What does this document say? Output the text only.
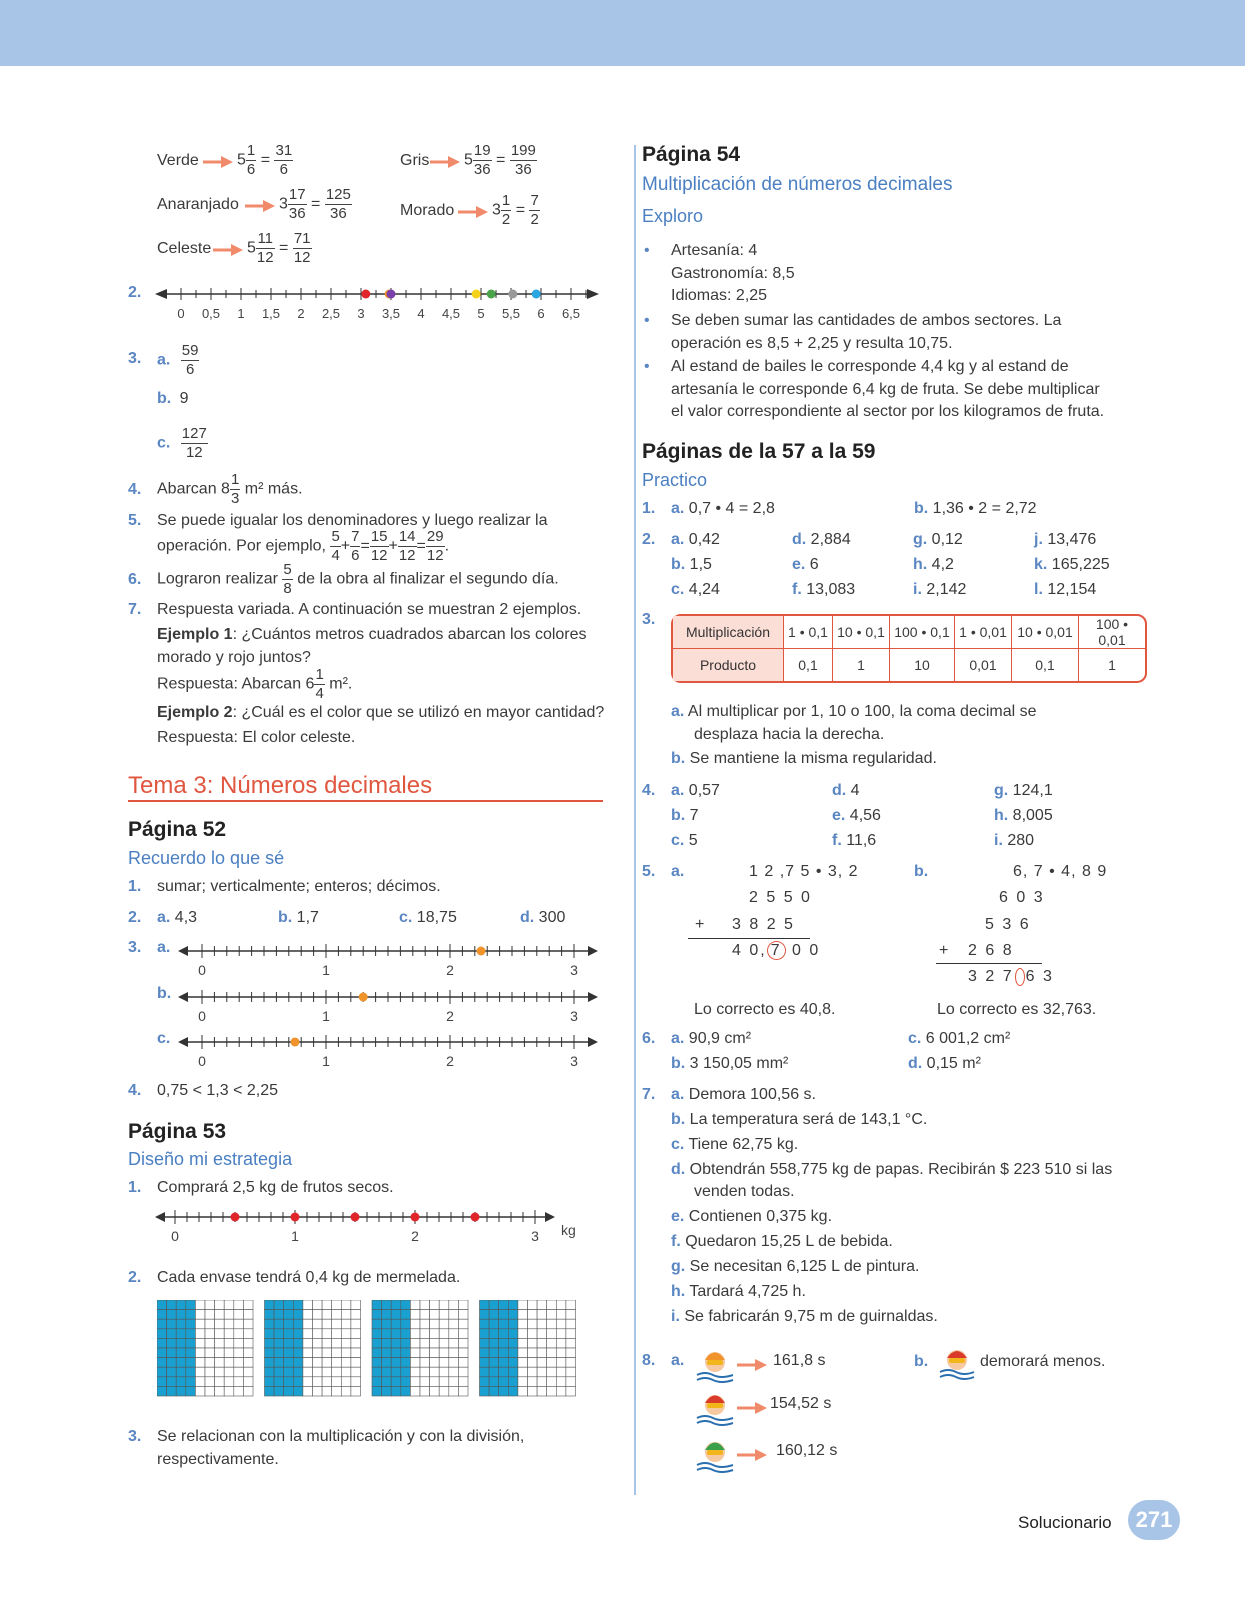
Verde $5 \frac{1}{6} = \frac{31}{6}$	Gris $5 \frac{19}{36} = \frac{199}{36}$
Anaranjado	$3 \frac{17}{36} = \frac{125}{36}$	Morado $3 \frac{1}{2} = \frac{7}{2}$
Celeste $5 \frac{11}{12} = \frac{71}{12}$
2.
0 0,5 1 1,5 2 2,5 3 3,5 4 4,5 5 5,5 6 6,5
3. a. $\frac{59}{6}$
b. 9
c. $\frac{127}{12}$
4. Abarcan $8 \frac{1}{3} m^2$ más.
5. Se puede igualar los denominadores y luego realizar la
operación. Por ejemplo, $\frac{5}{4} + \frac{7}{6} = \frac{15}{12} + \frac{14}{12} = \frac{29}{12}$ .
6. Lograron realizar $\frac{5}{8}$ de la obra al finalizar el segundo día.
7. Respuesta variada. A continuación se muestran 2 ejemplos.
Ejemplo 1: ¿Cuántos metros cuadrados abarcan los colores
morado y rojo juntos?
Respuesta: Abarcan $6 \frac{1}{4} m^2$.
Ejemplo 2: ¿Cuál es el color que se utilizó en mayor cantidad?
Respuesta: El color celeste.
Tema 3: Números decimales
Página 52
Recuerdo lo que sé
1. sumar; verticalmente; enteros; décimos.
2. a. 4,3	b. 1,7	c. 18,75	d. 300
3. a.
0	1	2	3
b.
0	1	2	3
c.
0	1	2	3
4. 0,75 < 1,3 < 2,25
Página 53
Diseño mi estrategia
1. Comprará 2,5 kg de frutos secos.
0	1	2	3 kg
2. Cada envase tendrá 0,4 kg de mermelada.
3. Se relacionan con la multiplicación y con la división,
respectivamente.
Página 54
Multiplicación de números decimales
Exploro
• Artesanía: 4
Gastronomía: 8,5
Idiomas: 2,25
• Se deben sumar las cantidades de ambos sectores. La
operación es 8,5 + 2,25 y resulta 10,75.
• Al estand de bailes le corresponde 4,4 kg y al estand de
artesanía le corresponde 6,4 kg de fruta. Se debe multiplicar
el valor correspondiente al sector por los kilogramos de fruta.
Páginas de la 57 a la 59
Practico
1. a. 0,7 • 4 = 2,8	b. 1,36 • 2 = 2,72
2. a. 0,42
b. 1,5
c. 4,24
d. 2,884
e. 6
f. 13,083
g. 0,12
h. 4,2
i. 2,142
j. 13,476
k. 165,225
l. 12,154
3.
Multiplicación	1 • 0,1	10 • 0,1	100 • 0,1	1 • 0,01	10 • 0,01	100 • 0,01
Producto	0,1	1	10	0,01	0,1	1
a. Al multiplicar por 1, 10 o 100, la coma decimal se
desplaza hacia la derecha.
b. Se mantiene la misma regularidad.
4. a. 0,57
b. 7
c. 5
d. 4
e. 4,56
f. 11,6
g. 124,1
h. 8,005
i. 280
5. a.	1 2 ,7 5 • 3, 2
2 5 5 0
+ 3 8 2 5
4 0, 7 0 0
Lo correcto es 40,8.
b.	6, 7 • 4, 8 9
6 0 3
5 3 6
+ 2 6 8
3 2 7 6 3
Lo correcto es 32,763.
6. a. 90,9 cm²
b. 3 150,05 mm²
c. 6 001,2 cm²
d. 0,15 m²
7. a. Demora 100,56 s.
b. La temperatura será de 143,1 °C.
c. Tiene 62,75 kg.
d. Obtendrán 558,775 kg de papas. Recibirán $ 223 510 si las
venden todas.
e. Contienen 0,375 kg.
f. Quedaron 15,25 L de bebida.
g. Se necesitan 6,125 L de pintura.
h. Tardará 4,725 h.
i. Se fabricarán 9,75 m de guirnaldas.
8. a.	161,8 s
154,52 s
160,12 s
b.	demorará menos.
Solucionario	271
